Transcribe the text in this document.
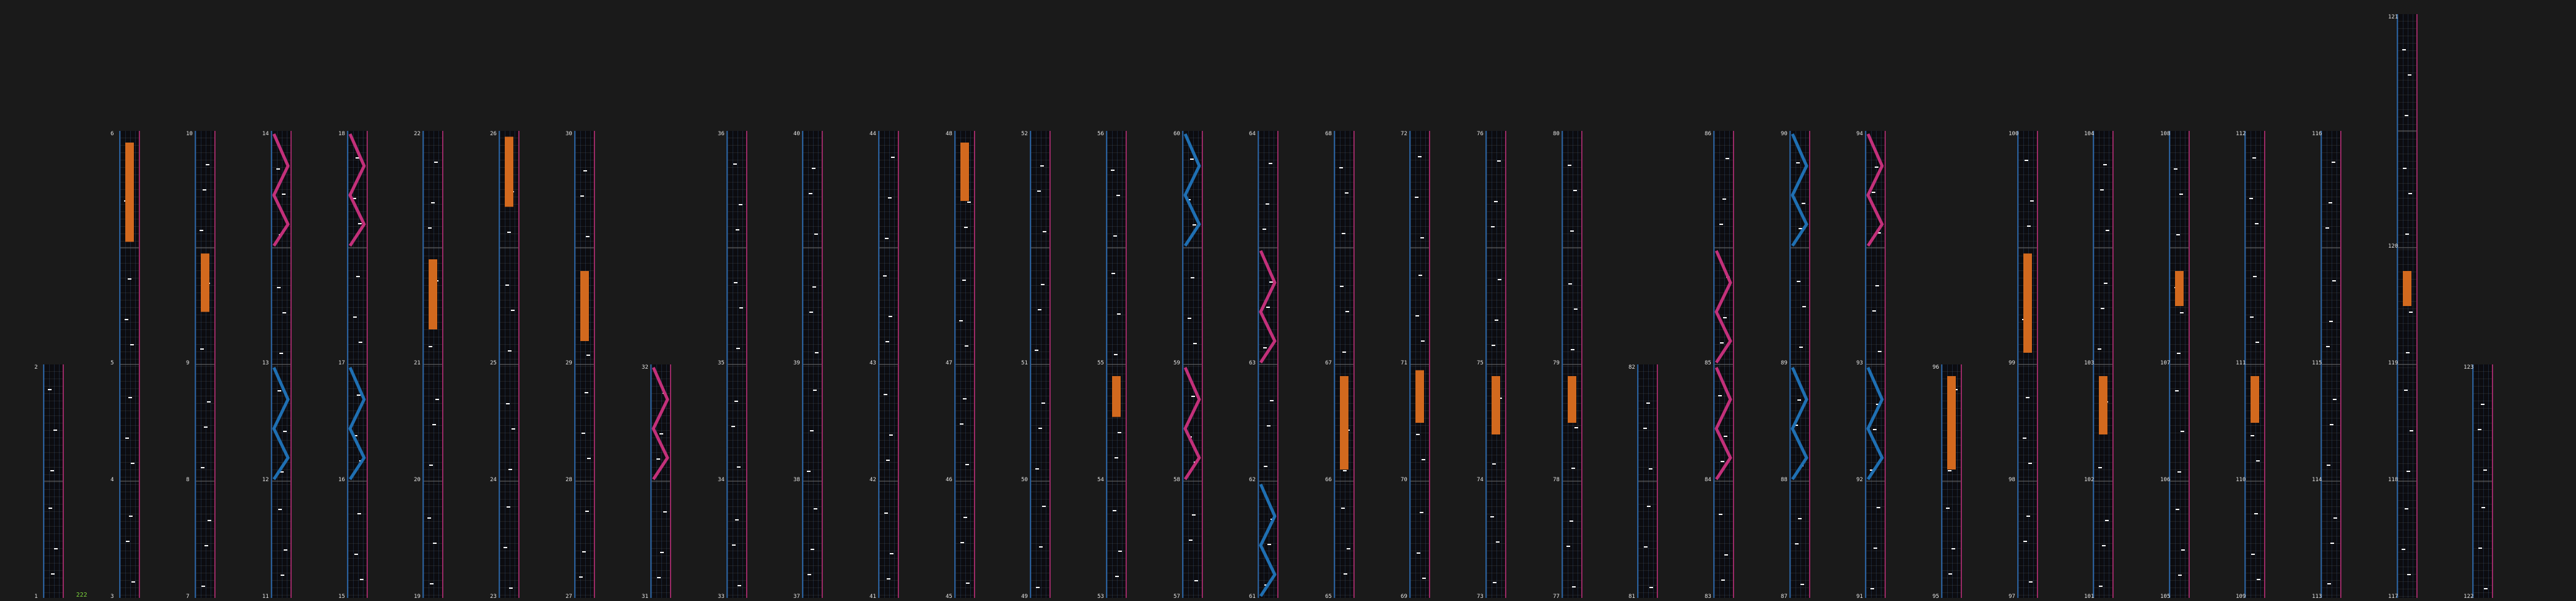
222
1
2
3
4
5
6
7
8
9
10
11
12
13
14
15
16
17
18
19
20
21
22
23
24
25
26
27
28
29
30
31
32
33
34
35
36
37
38
39
40
41
42
43
44
45
46
47
48
49
50
51
52
53
54
55
56
57
58
59
60
61
62
63
64
65
66
67
68
69
70
71
72
73
74
75
76
77
78
79
80
81
82
83
84
85
86
87
88
89
90
91
92
93
94
95
96
97
98
99
100
101
102
103
104
105
106
107
108
109
110
111
112
113
114
115
116
117
118
119
120
121
122
123
